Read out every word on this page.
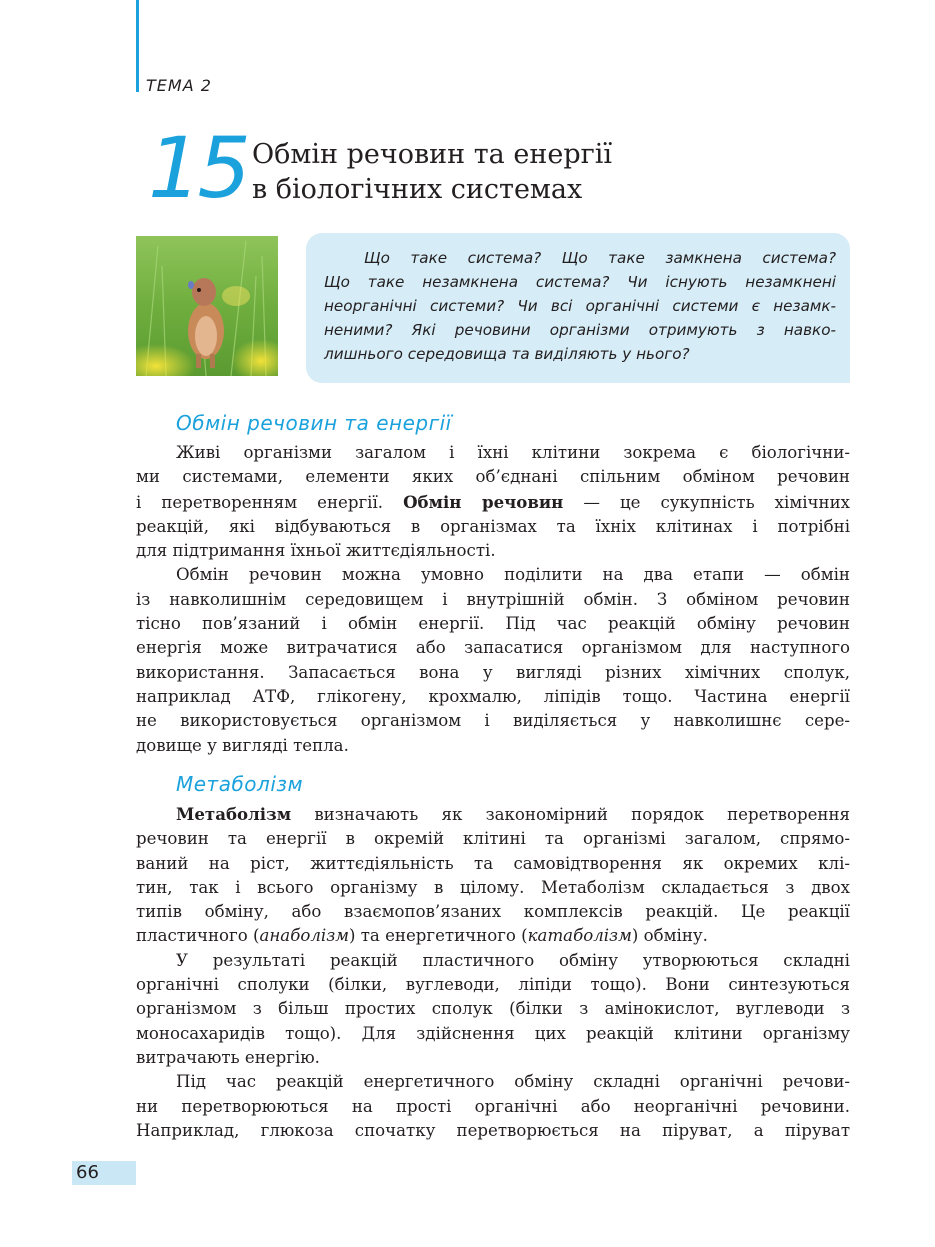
ТЕМА 2
15 Обмін речовин та енергії
в біологічних системах
Що таке система? Що таке замкнена система?
Що таке незамкнена система? Чи існують незамкнені
неорганічні системи? Чи всі органічні системи є незамк-
неними? Які речовини організми отримують з навко-
лишнього середовища та виділяють у нього?
Обмін речовин та енергії
Живі організми загалом і їхні клітини зокрема є біологічни-
ми системами, елементи яких об’єднані спільним обміном речовин
і перетворенням енергії. Обмін речовин — це сукупність хімічних
реакцій, які відбуваються в організмах та їхніх клітинах і потрібні
для підтримання їхньої життєдіяльності.
Обмін речовин можна умовно поділити на два етапи — обмін
із навколишнім середовищем і внутрішній обмін. З обміном речовин
тісно пов’язаний і обмін енергії. Під час реакцій обміну речовин
енергія може витрачатися або запасатися організмом для наступного
використання. Запасається вона у вигляді різних хімічних сполук,
наприклад АТФ, глікогену, крохмалю, ліпідів тощо. Частина енергії
не використовується організмом і виділяється у навколишнє сере-
довище у вигляді тепла.
Метаболізм
Метаболізм визначають як закономірний порядок перетворення
речовин та енергії в окремій клітині та організмі загалом, спрямо-
ваний на ріст, життєдіяльність та самовідтворення як окремих клі-
тин, так і всього організму в цілому. Метаболізм складається з двох
типів обміну, або взаємопов’язаних комплексів реакцій. Це реакції
пластичного (анаболізм) та енергетичного (катаболізм) обміну.
У результаті реакцій пластичного обміну утворюються складні
органічні сполуки (білки, вуглеводи, ліпіди тощо). Вони синтезуються
організмом з більш простих сполук (білки з амінокислот, вуглеводи з
моносахаридів тощо). Для здійснення цих реакцій клітини організму
витрачають енергію.
Під час реакцій енергетичного обміну складні органічні речови-
ни перетворюються на прості органічні або неорганічні речовини.
Наприклад, глюкоза спочатку перетворюється на піруват, а піруват
66
